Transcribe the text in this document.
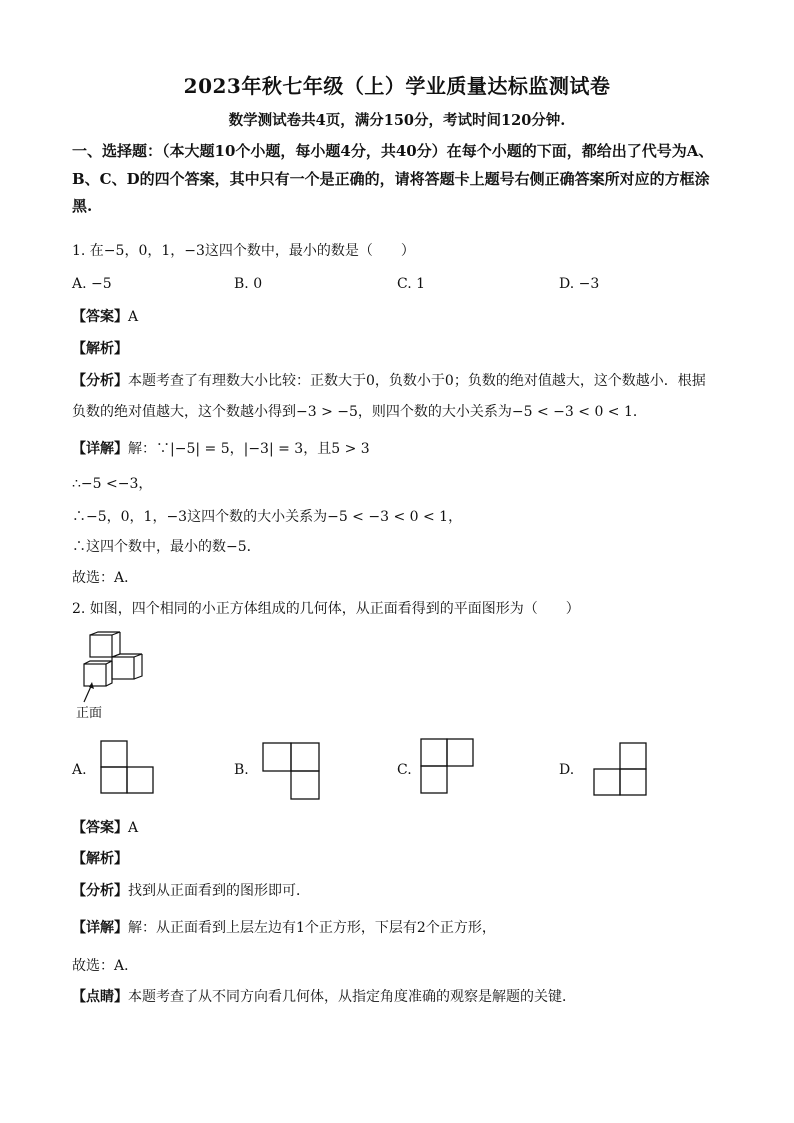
2023年秋七年级（上）学业质量达标监测试卷
数学测试卷共4页，满分150分，考试时间120分钟.
一、选择题：（本大题10个小题，每小题4分，共40分）在每个小题的下面，都给出了代号为A、B、C、D的四个答案，其中只有一个是正确的，请将答题卡上题号右侧正确答案所对应的方框涂黑.
1. 在−5，0，1，−3这四个数中，最小的数是（　　）
A. −5	B. 0	C. 1	D. −3
【答案】A
【解析】
【分析】本题考查了有理数大小比较：正数大于0，负数小于0；负数的绝对值越大，这个数越小．根据
负数的绝对值越大，这个数越小得到−3 > −5，则四个数的大小关系为−5 < −3 < 0 < 1．
【详解】解：∵|−5| = 5，|−3| = 3，且5 > 3
∴−5 <−3，
∴−5，0，1，−3这四个数的大小关系为−5 < −3 < 0 < 1，
∴这四个数中，最小的数−5．
故选：A．
2. 如图，四个相同的小正方体组成的几何体，从正面看得到的平面图形为（　　）
正面
A.	B.	C.	D.
【答案】A
【解析】
【分析】找到从正面看到的图形即可．
【详解】解：从正面看到上层左边有1个正方形，下层有2个正方形，
故选：A．
【点睛】本题考查了从不同方向看几何体，从指定角度准确的观察是解题的关键．
